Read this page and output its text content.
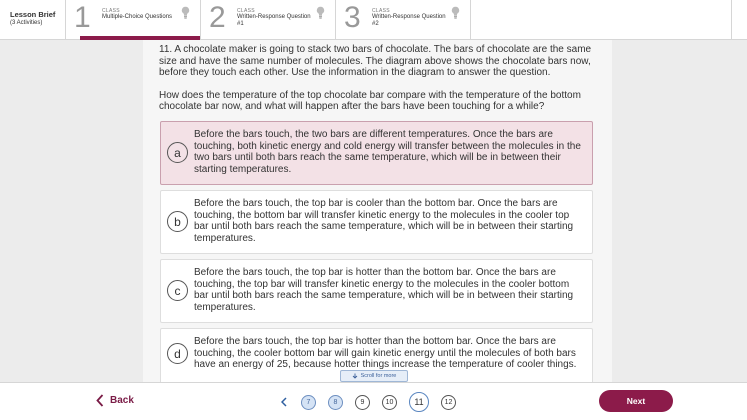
Lesson Brief
(3 Activities)	1	CLASS
Multiple-Choice Questions 2	CLASS
Written-Response Question
#1	3	CLASS
Written-Response Question
#2

11. A chocolate maker is going to stack two bars of chocolate. The bars of chocolate are the same size and have the same number of molecules. The diagram above shows the chocolate bars now, before they touch each other. Use the information in the diagram to answer the question.

How does the temperature of the top chocolate bar compare with the temperature of the bottom chocolate bar now, and what will happen after the bars have been touching for a while?

a
Before the bars touch, the two bars are different temperatures. Once the bars are touching, both kinetic energy and cold energy will transfer between the molecules in the two bars until both bars reach the same temperature, which will be in between their starting temperatures.
b
Before the bars touch, the top bar is cooler than the bottom bar. Once the bars are touching, the bottom bar will transfer kinetic energy to the molecules in the cooler top bar until both bars reach the same temperature, which will be in between their starting temperatures.
c
Before the bars touch, the top bar is hotter than the bottom bar. Once the bars are touching, the top bar will transfer kinetic energy to the molecules in the cooler bottom bar until both bars reach the same temperature, which will be in between their starting temperatures.
d
Before the bars touch, the top bar is hotter than the bottom bar. Once the bars are touching, the cooler bottom bar will gain kinetic energy until the molecules of both bars have an energy of 25, because hotter things increase the temperature of cooler things.
Scroll for more
Back	7	8	9	10	11	12	Next
